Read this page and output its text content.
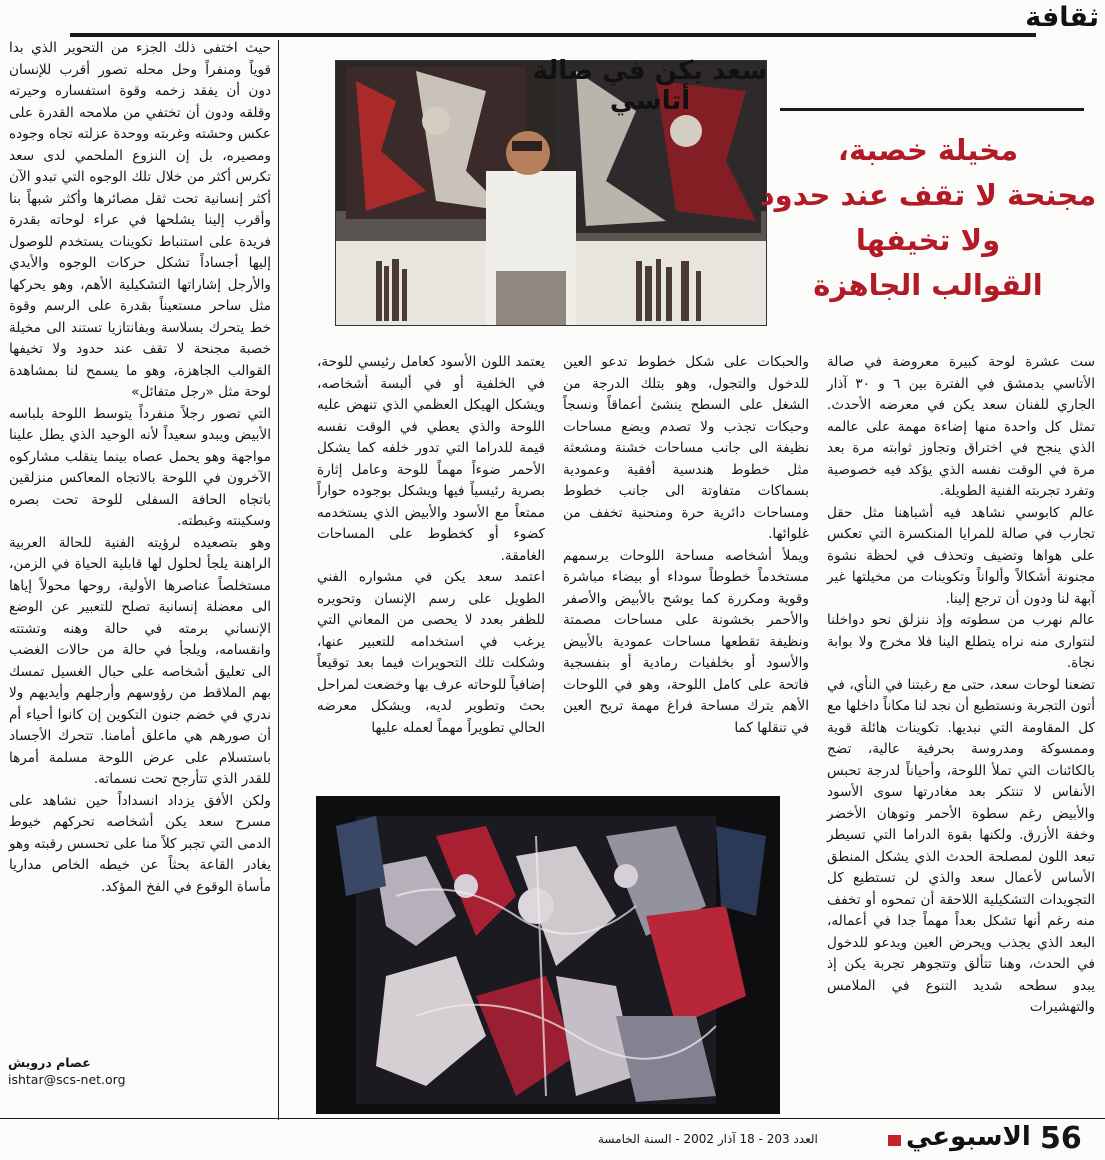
ثقافة
سعد يكن في صالة أتاسي
مخيلة خصبة،
مجنحة لا تقف عند حدود
ولا تخيفها
القوالب الجاهزة

ست عشرة لوحة كبيرة معروضة في صالة الأتاسي بدمشق في الفترة بين ٦ و ٣٠ آذار الجاري للفنان سعد يكن في معرضه الأحدث. تمثل كل واحدة منها إضاءة مهمة على عالمه الذي ينجح في اختراق وتجاوز ثوابته مرة بعد مرة في الوقت نفسه الذي يؤكد فيه خصوصية وتفرد تجربته الفنية الطويلة.

عالم كابوسي نشاهد فيه أشباهنا مثل حقل تجارب في صالة للمرايا المنكسرة التي تعكس على هواها وتضيف وتحذف في لحظة نشوة مجنونة أشكالاً وألواناً وتكوينات من مخيلتها غير آبهة لنا ودون أن ترجع إلينا.

عالم نهرب من سطوته وإذ ننزلق نحو دواخلنا لنتوارى منه نراه يتطلع الينا فلا مخرج ولا بوابة نجاة.

تضعنا لوحات سعد، حتى مع رغبتنا في النأي، في أتون التجربة ونستطيع أن نجد لنا مكاناً داخلها مع كل المقاومة التي نبديها. تكوينات هائلة قوية وممسوكة ومدروسة بحرفية عالية، تضج بالكائنات التي تملأ اللوحة، وأحياناً لدرجة تحبس الأنفاس لا تنتكر بعد مغادرتها سوى الأسود والأبيض رغم سطوة الأحمر وتوهان الأخضر وخفة الأزرق. ولكنها بقوة الدراما التي تسيطر تبعد اللون لمصلحة الحدث الذي يشكل المنطق الأساس لأعمال سعد والذي لن تستطيع كل التجويدات التشكيلية اللاحقة أن تمحوه أو تخفف منه رغم أنها تشكل بعداً مهماً جدا في أعماله، البعد الذي يجذب ويحرض العين ويدعو للدخول في الحدث، وهنا تتألق وتتجوهر تجربة يكن إذ يبدو سطحه شديد التنوع في الملامس والتهشيرات

والحبكات على شكل خطوط تدعو العين للدخول والتجول، وهو بتلك الدرجة من الشغل على السطح ينشئ أعماقاً ونسجاً وحبكات تجذب ولا تصدم ويضع مساحات نظيفة الى جانب مساحات خشنة ومشعثة مثل خطوط هندسية أفقية وعمودية بسماكات متفاوتة الى جانب خطوط ومساحات دائرية حرة ومنحنية تخفف من غلوائها.

ويملأ أشخاصه مساحة اللوحات يرسمهم مستخدماً خطوطاً سوداء أو بيضاء مباشرة وقوية ومكررة كما يوشح بالأبيض والأصفر والأحمر بخشونة على مساحات مصمتة ونظيفة تقطعها مساحات عمودية بالأبيض والأسود أو بخلفيات رمادية أو بنفسجية فاتحة على كامل اللوحة، وهو في اللوحات الأهم يترك مساحة فراغ مهمة تريح العين في تنقلها كما

يعتمد اللون الأسود كعامل رئيسي للوحة، في الخلفية أو في ألبسة أشخاصه، ويشكل الهيكل العظمي الذي تنهض عليه اللوحة والذي يعطي في الوقت نفسه قيمة للدراما التي تدور خلفه كما يشكل الأحمر ضوءاً مهماً للوحة وعامل إثارة بصرية رئيسياً فيها ويشكل بوجوده حواراً ممتعاً مع الأسود والأبيض الذي يستخدمه كضوء أو كخطوط على المساحات الغامقة.

اعتمد سعد يكن في مشواره الفني الطويل على رسم الإنسان وتحويره للظفر بعدد لا يحصى من المعاني التي يرغب في استخدامه للتعبير عنها، وشكلت تلك التحويرات فيما بعد توقيعاً إضافياً للوحاته عرف بها وخضعت لمراحل بحث وتطوير لديه، ويشكل معرضه الحالي تطويراً مهماً لعمله عليها

حيث اختفى ذلك الجزء من التحوير الذي بدا قوياً ومنفراً وحل محله تصور أقرب للإنسان دون أن يفقد زخمه وقوة استفساره وحيرته وقلقه ودون أن تختفي من ملامحه القدرة على عكس وحشته وغربته ووحدة عزلته تجاه وجوده ومصيره، بل إن النزوع الملحمي لدى سعد تكرس أكثر من خلال تلك الوجوه التي تبدو الآن أكثر إنسانية تحت ثقل مصائرها وأكثر شبهاً بنا وأقرب إلينا يشلحها في عراء لوحاته بقدرة فريدة على استنباط تكوينات يستخدم للوصول إليها أجساداً تشكل حركات الوجوه والأيدي والأرجل إشاراتها التشكيلية الأهم، وهو يحركها مثل ساحر مستعيناً بقدرة على الرسم وقوة خط يتحرك بسلاسة وبفانتازيا تستند الى مخيلة خصبة مجنحة لا تقف عند حدود ولا تخيفها القوالب الجاهزة، وهو ما يسمح لنا بمشاهدة لوحة مثل «رجل متفائل»

التي تصور رجلاً منفرداً يتوسط اللوحة بلباسه الأبيض ويبدو سعيداً لأنه الوحيد الذي يطل علينا مواجهة وهو يحمل عصاه بينما ينقلب مشاركوه الآخرون في اللوحة بالاتجاه المعاكس منزلقين باتجاه الحافة السفلى للوحة تحت بصره وسكينته وغبطته.

وهو بتصعيده لرؤيته الفنية للحالة العربية الراهنة يلجأ لحلول لها قابلية الحياة في الزمن، مستخلصاً عناصرها الأولية، روحها محولاً إياها الى معضلة إنسانية تصلح للتعبير عن الوضع الإنساني برمته في حالة وهنه وتشتته وانقسامه، ويلجأ في حالة من حالات الغضب الى تعليق أشخاصه على حبال الغسيل تمسك بهم الملاقط من رؤوسهم وأرجلهم وأيديهم ولا ندري في خضم جنون التكوين إن كانوا أحياء أم أن صورهم هي ماعلق أمامنا. تتحرك الأجساد باستسلام على عرض اللوحة مسلمة أمرها للقدر الذي تتأرجح تحت نسماته.

ولكن الأفق يزداد انسداداً حين نشاهد على مسرح سعد يكن أشخاصه تحركهم خيوط الدمى التي تجبر كلاً منا على تحسس رقبته وهو يغادر القاعة بحثاً عن خيطه الخاص مداريا مأساة الوقوع في الفخ المؤكد.

عصام درويش
ishtar@scs-net.org
56
الاسبوعي
العدد 203 - 18 آذار 2002 - السنة الخامسة
